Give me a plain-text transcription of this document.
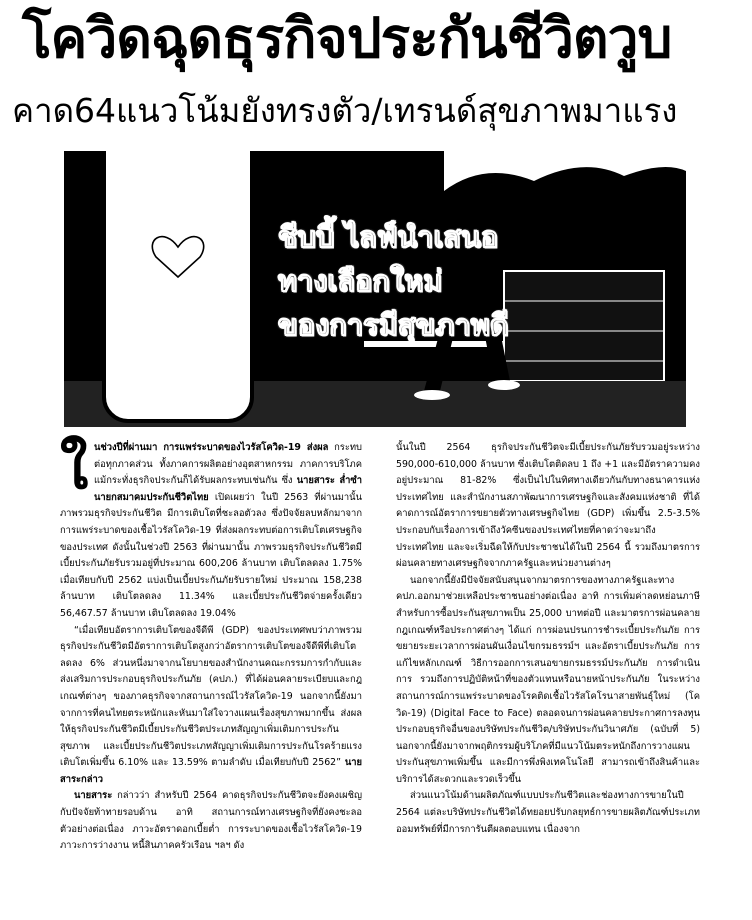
โควิดฉุดธุรกิจประกันชีวิตวูบ
คาด64แนวโน้มยังทรงตัว/เทรนด์สุขภาพมาแรง
ชีบบี้ ไลฟ์นำเสนอ
ทางเลือกใหม่
ของการมีสุขภาพดี
ใ นช่วงปีที่ผ่านมา การแพร่ระบาดของไวรัสโควิด-19 ส่งผล กระทบต่อทุกภาคส่วน ทั้งภาคการผลิตอย่างอุตสาหกรรม ภาคการบริโภค แม้กระทั่งธุรกิจประกันก็ได้รับผลกระทบเช่นกัน ซึ่ง นายสาระ ล่ำซำ นายกสมาคมประกันชีวิตไทย เปิดเผยว่า ในปี 2563 ที่ผ่านมานั้นภาพรวมธุรกิจประกันชีวิต มีการเติบโตที่ชะลอตัวลง ซึ่งปัจจัยลบหลักมาจากการแพร่ระบาดของเชื้อไวรัสโควิด-19 ที่ส่งผลกระทบต่อการเติบโตเศรษฐกิจของประเทศ ดังนั้นในช่วงปี 2563 ที่ผ่านมานั้น ภาพรวมธุรกิจประกันชีวิตมีเบี้ยประกันภัยรับรวมอยู่ที่ประมาณ 600,206 ล้านบาท เติบโตลดลง 1.75% เมื่อเทียบกับปี 2562 แบ่งเป็นเบี้ยประกันภัยรับรายใหม่ ประมาณ 158,238 ล้านบาท เติบโตลดลง 11.34% และเบี้ยประกันชีวิตจ่ายครั้งเดียว 56,467.57 ล้านบาท เติบโตลดลง 19.04%

“เมื่อเทียบอัตราการเติบโตของจีดีพี (GDP) ของประเทศพบว่าภาพรวมธุรกิจประกันชีวิตมีอัตราการเติบโตสูงกว่าอัตราการเติบโตของจีดีพีที่เติบโตลดลง 6% ส่วนหนึ่งมาจากนโยบายของสำนักงานคณะกรรมการกำกับและส่งเสริมการประกอบธุรกิจประกันภัย (คปภ.) ที่ได้ผ่อนคลายระเบียบและกฎเกณฑ์ต่างๆ ของภาคธุรกิจจากสถานการณ์ไวรัสโควิด-19 นอกจากนี้ยังมาจากการที่คนไทยตระหนักและหันมาใส่ใจวางแผนเรื่องสุขภาพมากขึ้น ส่งผลให้ธุรกิจประกันชีวิตมีเบี้ยประกันชีวิตประเภทสัญญาเพิ่มเติมการประกันสุขภาพ และเบี้ยประกันชีวิตประเภทสัญญาเพิ่มเติมการประกันโรคร้ายแรง เติบโตเพิ่มขึ้น 6.10% และ 13.59% ตามลำดับ เมื่อเทียบกับปี 2562” นายสาระกล่าว

นายสาระ กล่าวว่า สำหรับปี 2564 คาดธุรกิจประกันชีวิตจะยังคงเผชิญกับปัจจัยท้าทายรอบด้าน อาทิ สถานการณ์ทางเศรษฐกิจที่ยังคงชะลอตัวอย่างต่อเนื่อง ภาวะอัตราดอกเบี้ยต่ำ การระบาดของเชื้อไวรัสโควิด-19 ภาวะการว่างงาน หนี้สินภาคครัวเรือน ฯลฯ ดัง

นั้นในปี 2564 ธุรกิจประกันชีวิตจะมีเบี้ยประกันภัยรับรวมอยู่ระหว่าง 590,000-610,000 ล้านบาท ซึ่งเติบโตติดลบ 1 ถึง +1 และมีอัตราความคงอยู่ประมาณ 81-82% ซึ่งเป็นไปในทิศทางเดียวกันกับทางธนาคารแห่งประเทศไทย และสำนักงานสภาพัฒนาการเศรษฐกิจและสังคมแห่งชาติ ที่ได้คาดการณ์อัตราการขยายตัวทางเศรษฐกิจไทย (GDP) เพิ่มขึ้น 2.5-3.5% ประกอบกับเรื่องการเข้าถึงวัคซีนของประเทศไทยที่คาดว่าจะมาถึงประเทศไทย และจะเริ่มฉีดให้กับประชาชนได้ในปี 2564 นี้ รวมถึงมาตรการผ่อนคลายทางเศรษฐกิจจากภาครัฐและหน่วยงานต่างๆ

นอกจากนี้ยังมีปัจจัยสนับสนุนจากมาตรการของทางภาครัฐและทาง คปภ.ออกมาช่วยเหลือประชาชนอย่างต่อเนื่อง อาทิ การเพิ่มค่าลดหย่อนภาษีสำหรับการซื้อประกันสุขภาพเป็น 25,000 บาทต่อปี และมาตรการผ่อนคลายกฎเกณฑ์หรือประกาศต่างๆ ได้แก่ การผ่อนปรนการชำระเบี้ยประกันภัย การขยายระยะเวลาการผ่อนผันเงื่อนไขกรมธรรม์ฯ และอัตราเบี้ยประกันภัย การแก้ไขหลักเกณฑ์ วิธีการออกการเสนอขายกรมธรรม์ประกันภัย การดำเนินการ รวมถึงการปฏิบัติหน้าที่ของตัวแทนหรือนายหน้าประกันภัย ในระหว่างสถานการณ์การแพร่ระบาดของโรคติดเชื้อไวรัสโคโรนาสายพันธุ์ใหม่ (โควิด-19) (Digital Face to Face) ตลอดจนการผ่อนคลายประกาศการลงทุนประกอบธุรกิจอื่นของบริษัทประกันชีวิต/บริษัทประกันวินาศภัย (ฉบับที่ 5) นอกจากนี้ยังมาจากพฤติกรรมผู้บริโภคที่มีแนวโน้มตระหนักถึงการวางแผนประกันสุขภาพเพิ่มขึ้น และมีการพึ่งพิงเทคโนโลยี สามารถเข้าถึงสินค้าและบริการได้สะดวกและรวดเร็วขึ้น

ส่วนแนวโน้มด้านผลิตภัณฑ์แบบประกันชีวิตและช่องทางการขายในปี 2564 แต่ละบริษัทประกันชีวิตได้ทยอยปรับกลยุทธ์การขายผลิตภัณฑ์ประเภทออมทรัพย์ที่มีการการันตีผลตอบแทน เนื่องจาก
